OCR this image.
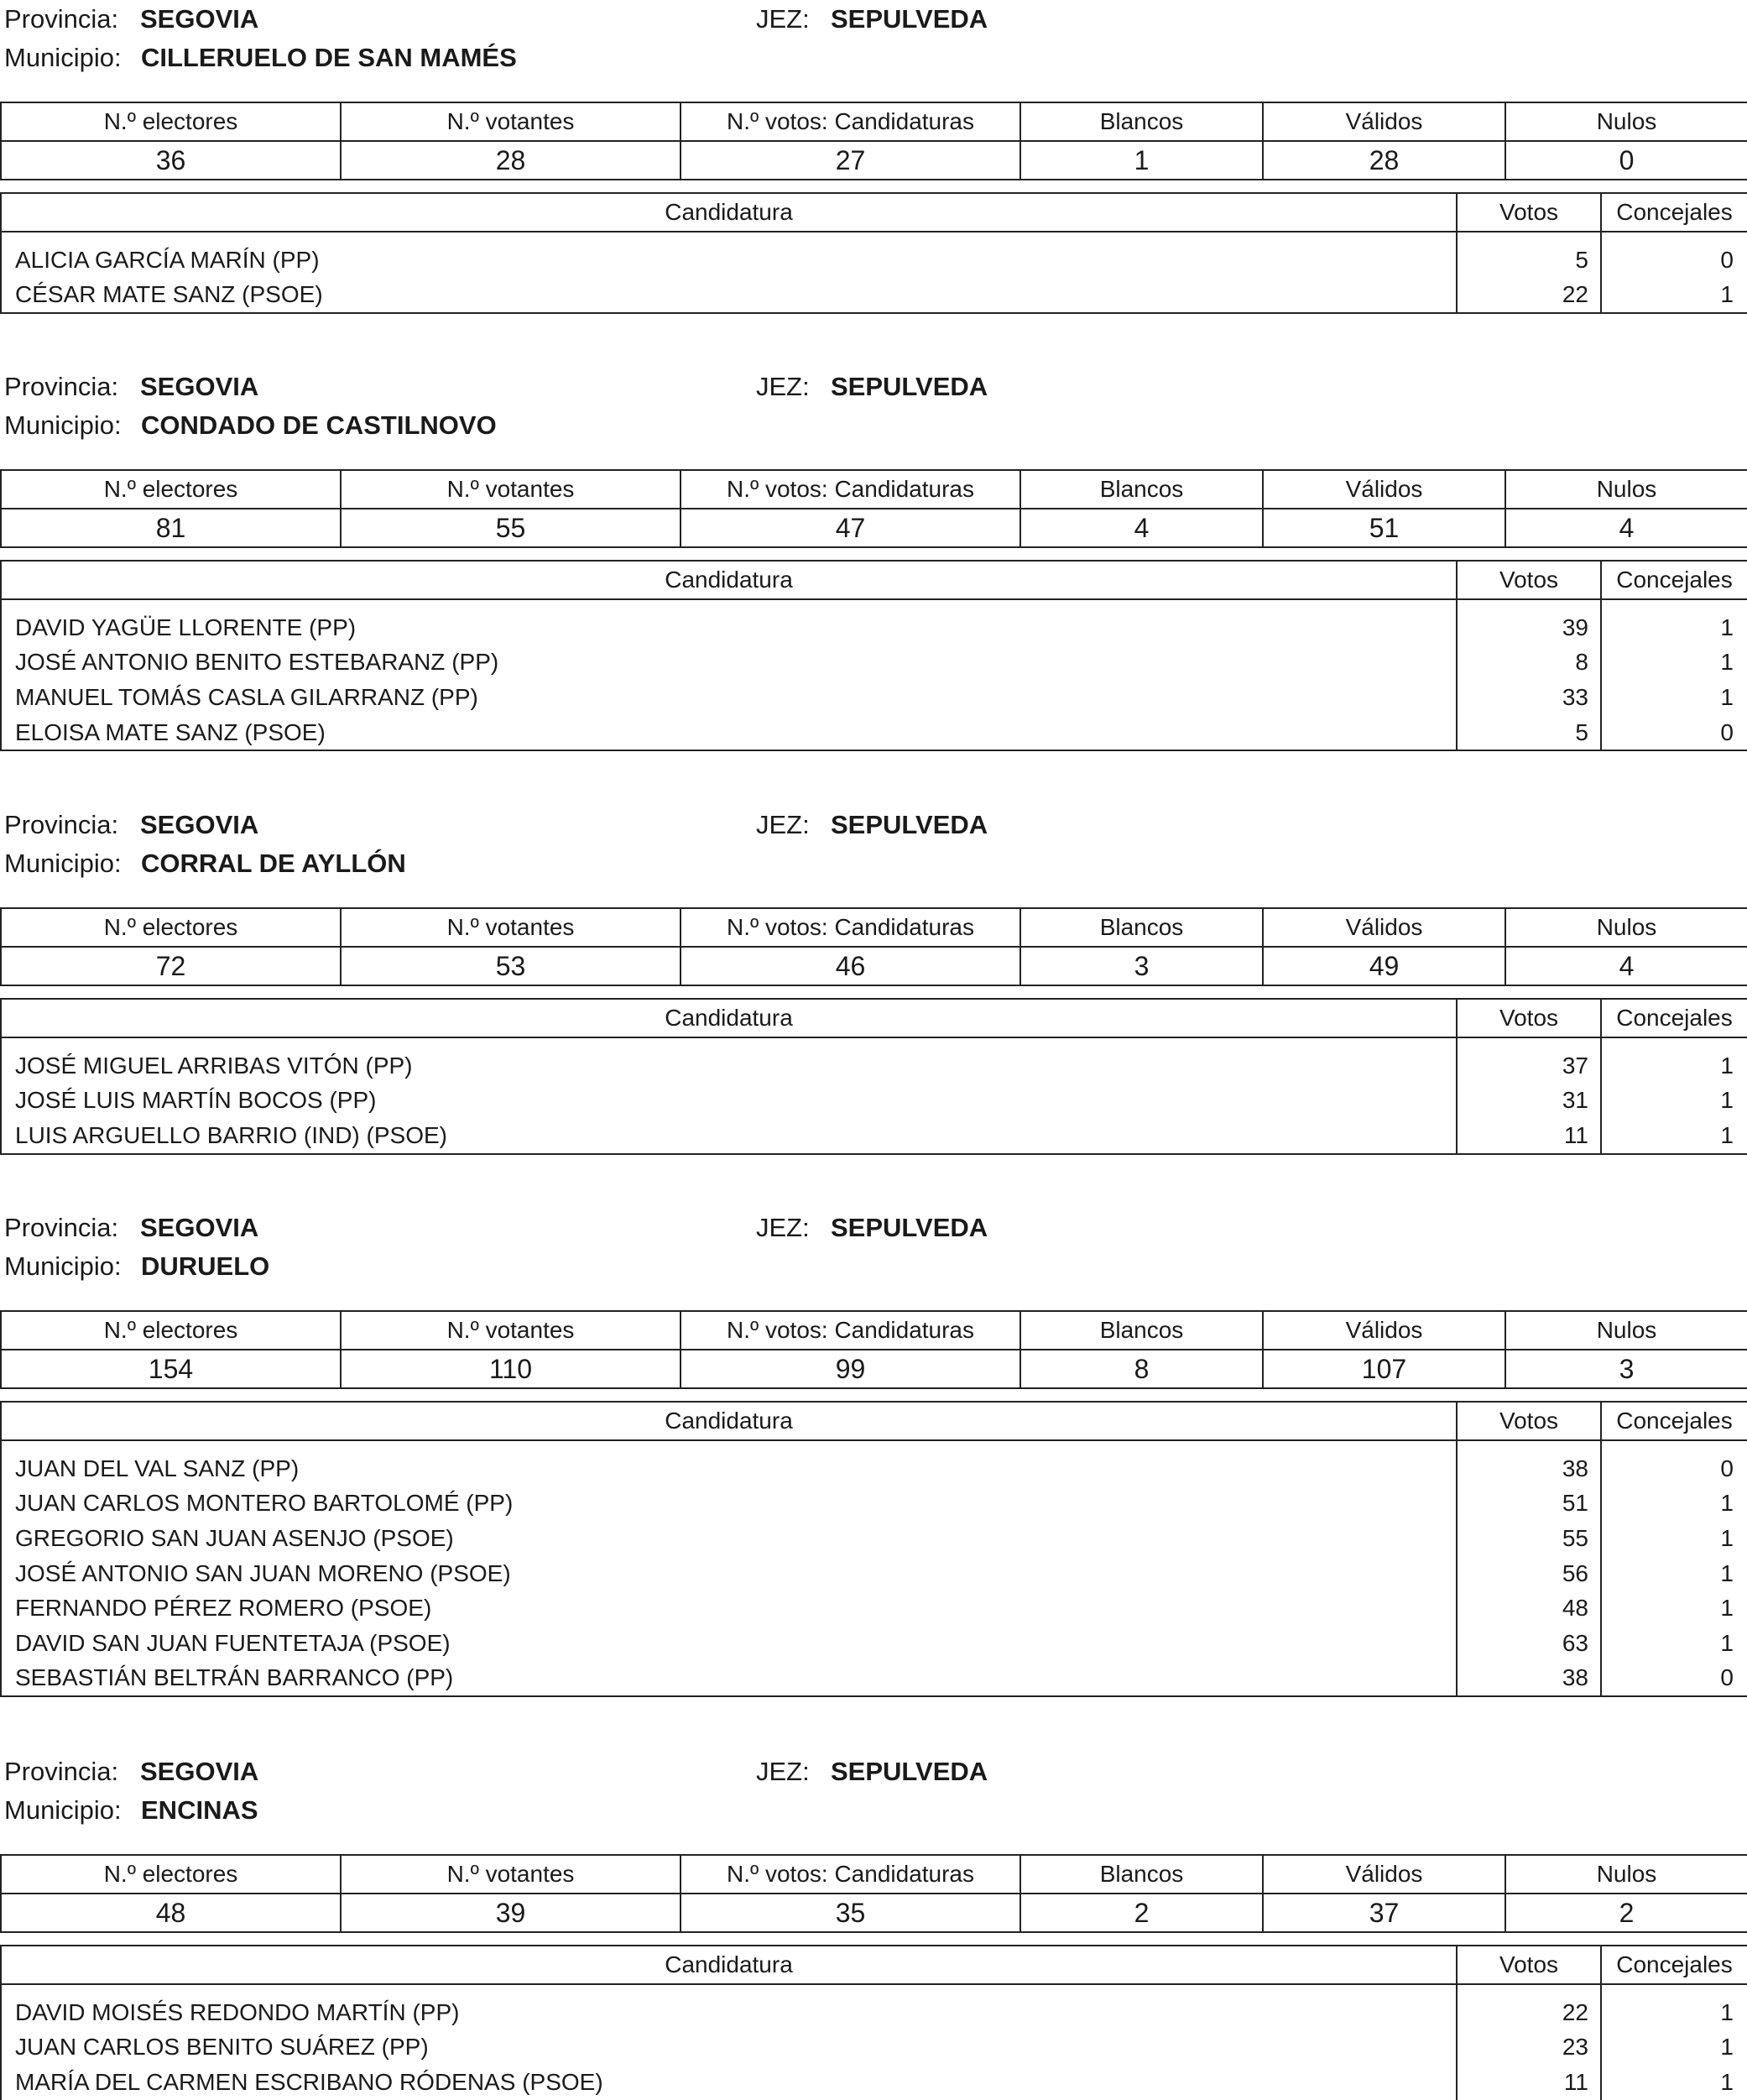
Provincia: SEGOVIA	JEZ: SEPULVEDA
Municipio: CILLERUELO DE SAN MAMÉS
N.º electores	N.º votantes	N.º votos: Candidaturas	Blancos	Válidos	Nulos
36	28	27	1	28	0
Candidatura	Votos	Concejales
ALICIA GARCÍA MARÍN (PP)	5	0
CÉSAR MATE SANZ (PSOE)	22	1
Provincia: SEGOVIA	JEZ: SEPULVEDA
Municipio: CONDADO DE CASTILNOVO
N.º electores	N.º votantes	N.º votos: Candidaturas	Blancos	Válidos	Nulos
81	55	47	4	51	4
Candidatura	Votos	Concejales
DAVID YAGÜE LLORENTE (PP)	39	1
JOSÉ ANTONIO BENITO ESTEBARANZ (PP)	8	1
MANUEL TOMÁS CASLA GILARRANZ (PP)	33	1
ELOISA MATE SANZ (PSOE)	5	0
Provincia: SEGOVIA	JEZ: SEPULVEDA
Municipio: CORRAL DE AYLLÓN
N.º electores	N.º votantes	N.º votos: Candidaturas	Blancos	Válidos	Nulos
72	53	46	3	49	4
Candidatura	Votos	Concejales
JOSÉ MIGUEL ARRIBAS VITÓN (PP)	37	1
JOSÉ LUIS MARTÍN BOCOS (PP)	31	1
LUIS ARGUELLO BARRIO (IND) (PSOE)	11	1
Provincia: SEGOVIA	JEZ: SEPULVEDA
Municipio: DURUELO
N.º electores	N.º votantes	N.º votos: Candidaturas	Blancos	Válidos	Nulos
154	110	99	8	107	3
Candidatura	Votos	Concejales
JUAN DEL VAL SANZ (PP)	38	0
JUAN CARLOS MONTERO BARTOLOMÉ (PP)	51	1
GREGORIO SAN JUAN ASENJO (PSOE)	55	1
JOSÉ ANTONIO SAN JUAN MORENO (PSOE)	56	1
FERNANDO PÉREZ ROMERO (PSOE)	48	1
DAVID SAN JUAN FUENTETAJA (PSOE)	63	1
SEBASTIÁN BELTRÁN BARRANCO (PP)	38	0
Provincia: SEGOVIA	JEZ: SEPULVEDA
Municipio: ENCINAS
N.º electores	N.º votantes	N.º votos: Candidaturas	Blancos	Válidos	Nulos
48	39	35	2	37	2
Candidatura	Votos	Concejales
DAVID MOISÉS REDONDO MARTÍN (PP)	22	1
JUAN CARLOS BENITO SUÁREZ (PP)	23	1
MARÍA DEL CARMEN ESCRIBANO RÓDENAS (PSOE)	11	1
